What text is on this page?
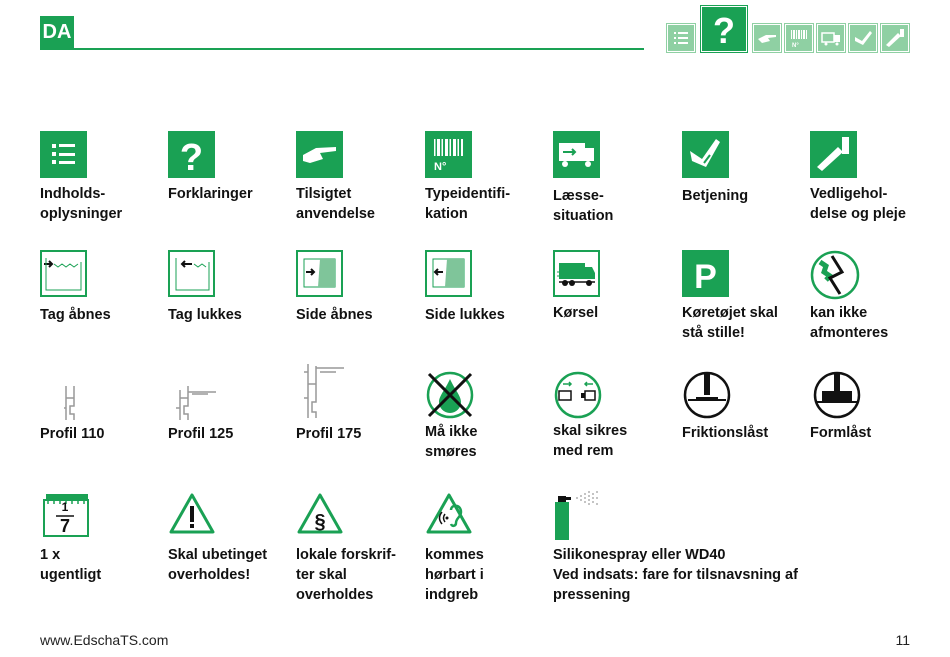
DA	?	N°
Indholds-
oplysninger
?
Forklaringer	Tilsigtet
anvendelse
N°
Typeidentifi-
kation
Læsse-
situation
Betjening	Vedligehol-
delse og pleje
Tag åbnes	Tag lukkes	Side åbnes	Side lukkes	Kørsel
P
Køretøjet skal
stå stille!
kan ikke
afmonteres
Profil 110	Profil 125	Profil 175	Må ikke
smøres
skal sikres
med rem
Friktionslåst	Formlåst
1
7
1 x
ugentligt
Skal ubetinget
overholdes!
§
lokale forskrif-
ter skal
overholdes
kommes
hørbart i
indgreb
Silikonespray eller WD40
Ved indsats: fare for tilsnavsning af
pressening
www.EdschaTS.com	11
